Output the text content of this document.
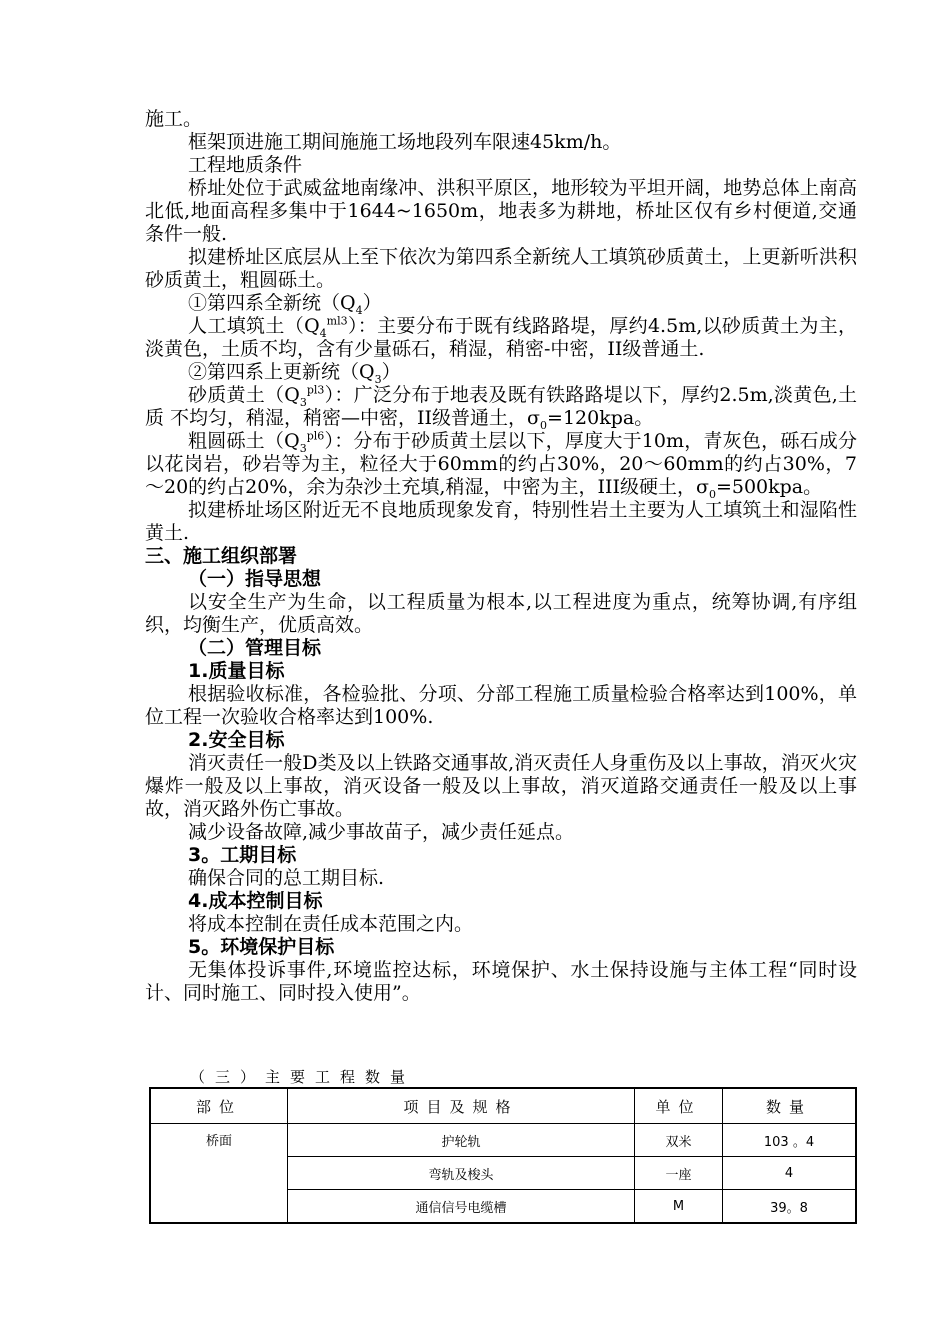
施工。

框架顶进施工期间施施工场地段列车限速45km/h。

工程地质条件

桥址处位于武威盆地南缘冲、洪积平原区，地形较为平坦开阔，地势总体上南高北低,地面高程多集中于1644~1650m，地表多为耕地，桥址区仅有乡村便道,交通条件一般.

拟建桥址区底层从上至下依次为第四系全新统人工填筑砂质黄土，上更新听洪积砂质黄土，粗圆砾土。

①第四系全新统$(Q_4)$

人工填筑土$(Q_4^{ml3})$：主要分布于既有线路路堤，厚约4.5m,以砂质黄土为主，淡黄色，土质不均，含有少量砾石，稍湿，稍密-中密，II级普通土.

②第四系上更新统$(Q_3)$

砂质黄土$(Q_3^{pl3})$：广泛分布于地表及既有铁路路堤以下，厚约2.5m,淡黄色,土质 不均匀，稍湿，稍密—中密，II级普通土，$\sigma_0=120kpa$。

粗圆砾土$(Q_3^{pl6})$：分布于砂质黄土层以下，厚度大于10m，青灰色，砾石成分以花岗岩，砂岩等为主，粒径大于60mm的约占30%，20～60mm的约占30%，7～20的约占20%，余为杂沙土充填,稍湿，中密为主，III级硬土，$\sigma_0=500kpa$。

拟建桥址场区附近无不良地质现象发育，特别性岩土主要为人工填筑土和湿陷性黄土.

三、施工组织部署

（一）指导思想

以安全生产为生命，以工程质量为根本,以工程进度为重点，统筹协调,有序组织，均衡生产，优质高效。

（二）管理目标

1.质量目标

根据验收标准，各检验批、分项、分部工程施工质量检验合格率达到100%，单位工程一次验收合格率达到100%.

2.安全目标

消灭责任一般D类及以上铁路交通事故,消灭责任人身重伤及以上事故，消灭火灾爆炸一般及以上事故，消灭设备一般及以上事故，消灭道路交通责任一般及以上事故，消灭路外伤亡事故。

减少设备故障,减少事故苗子，减少责任延点。

3。工期目标

确保合同的总工期目标.

4.成本控制目标

将成本控制在责任成本范围之内。

5。环境保护目标

无集体投诉事件,环境监控达标，环境保护、水土保持设施与主体工程“同时设计、同时施工、同时投入使用”。

（三）主要工程数量
部位	项目及规格	单位	数量
桥面	护轮轨	双米	103 。4
	弯轨及梭头	一座	4
	通信信号电缆槽	M	39。8
